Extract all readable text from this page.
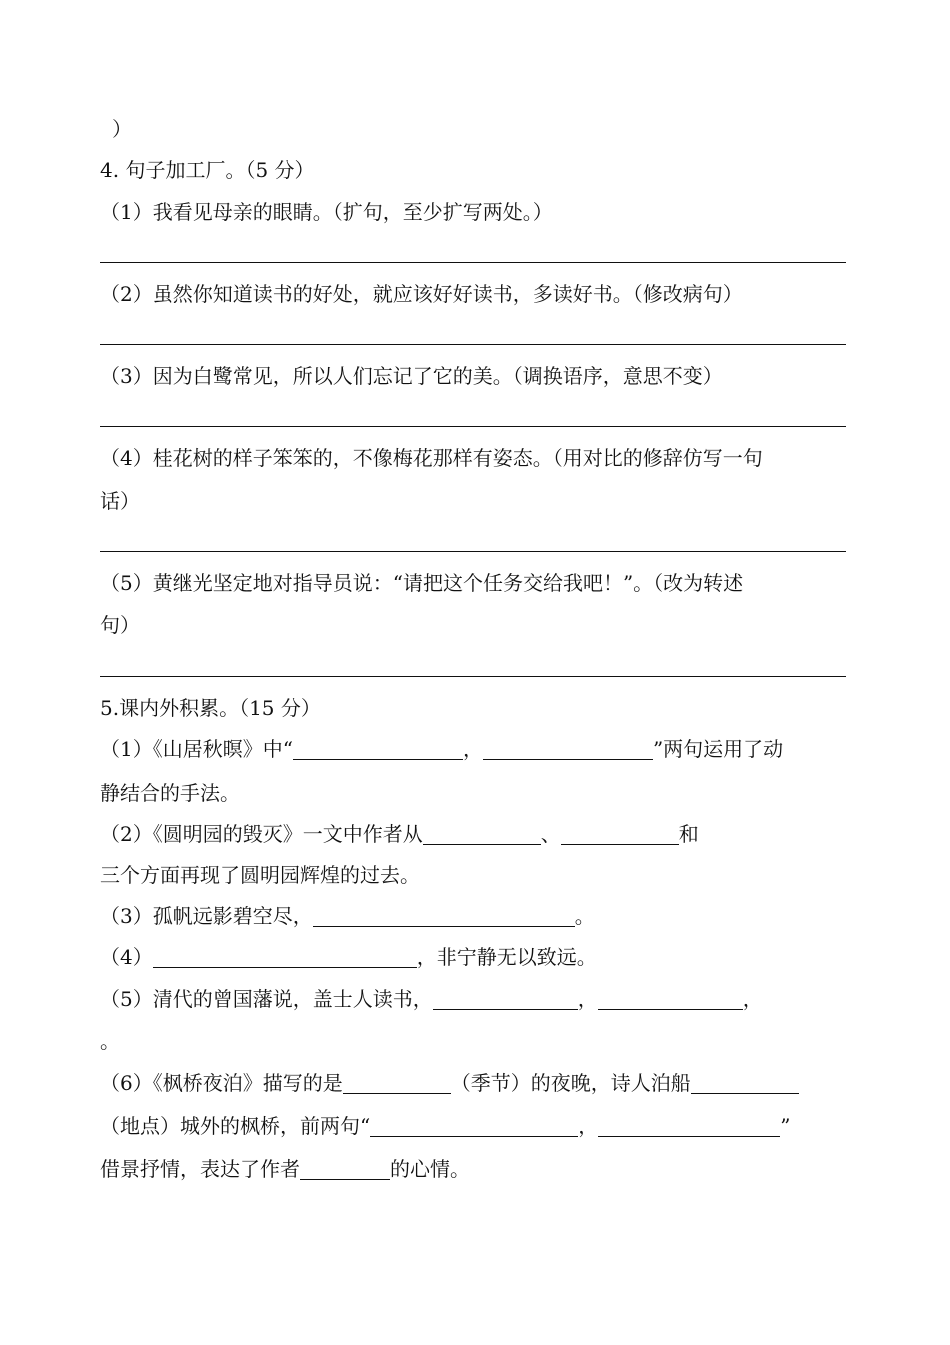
）
4. 句子加工厂。（5 分）
（1）我看见母亲的眼睛。（扩句，至少扩写两处。）
（2）虽然你知道读书的好处，就应该好好读书，多读好书。（修改病句）
（3）因为白鹭常见，所以人们忘记了它的美。（调换语序，意思不变）
（4）桂花树的样子笨笨的，不像梅花那样有姿态。（用对比的修辞仿写一句
话）
（5）黄继光坚定地对指导员说：“请把这个任务交给我吧！”。（改为转述
句）
5.课内外积累。（15 分）
（1）《山居秋暝》中“	，	”两句运用了动
静结合的手法。
（2）《圆明园的毁灭》一文中作者从	、	和
三个方面再现了圆明园辉煌的过去。
（3）孤帆远影碧空尽，	。
（4）	，非宁静无以致远。
（5）清代的曾国藩说，盖士人读书，	，	，
。
（6）《枫桥夜泊》描写的是	（季节）的夜晚，诗人泊船
（地点）城外的枫桥，前两句“	，	”
借景抒情，表达了作者	的心情。
